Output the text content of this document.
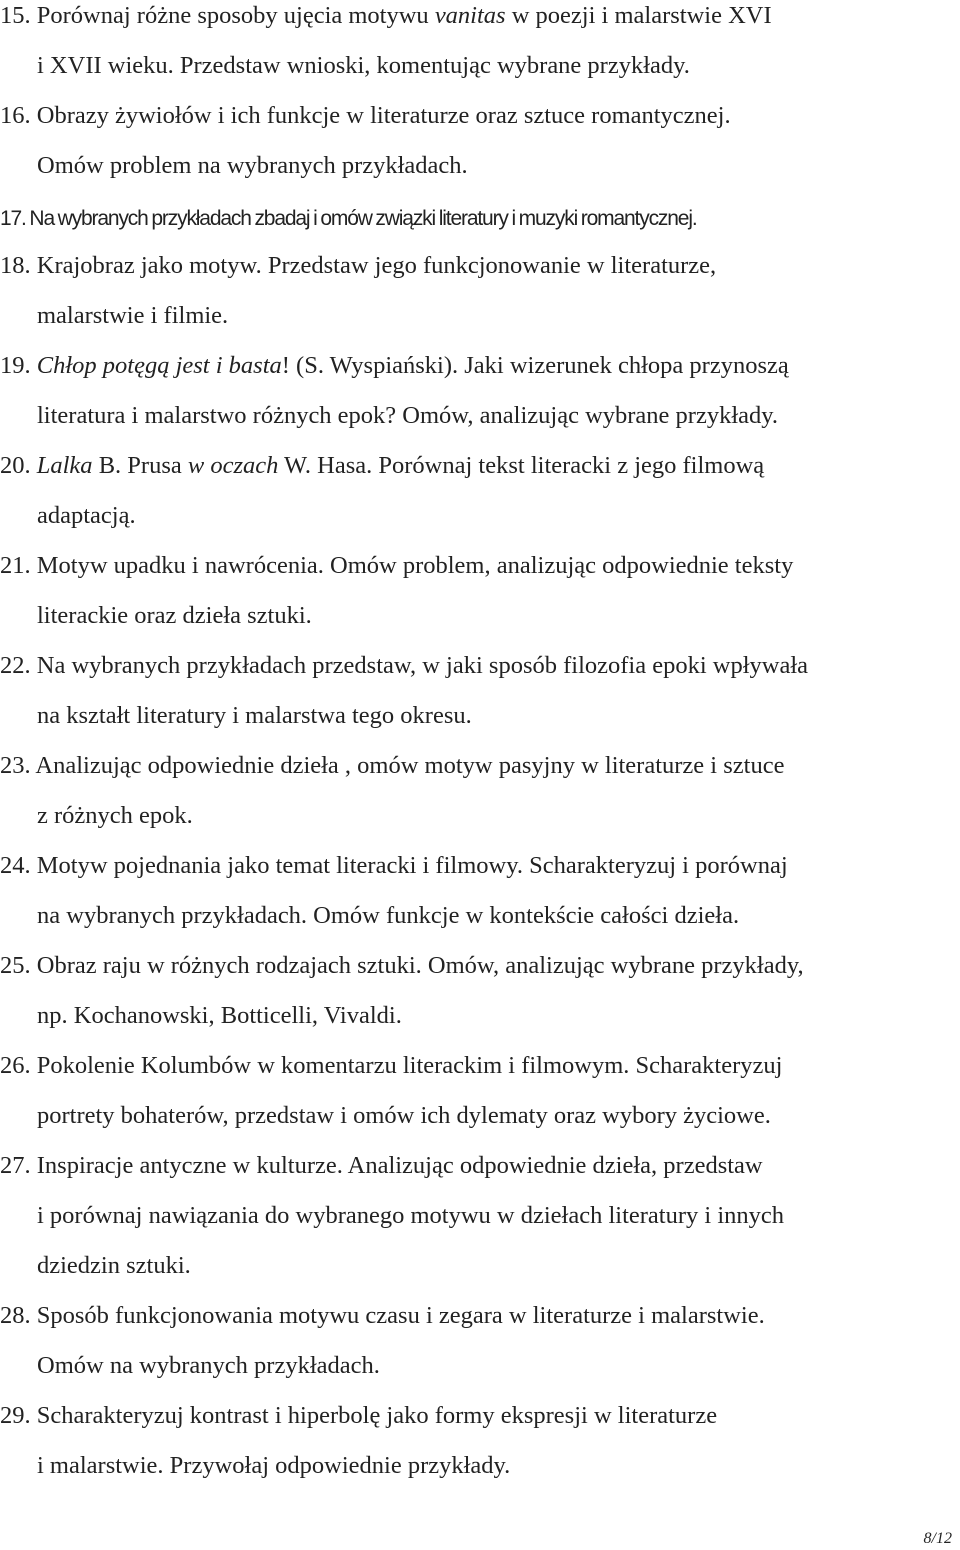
15. Porównaj różne sposoby ujęcia motywu vanitas w poezji i malarstwie XVI
i XVII wieku. Przedstaw wnioski, komentując wybrane przykłady.
16. Obrazy żywiołów i ich funkcje w literaturze oraz sztuce romantycznej.
Omów problem na wybranych przykładach.
17. Na wybranych przykładach zbadaj i omów związki literatury i muzyki romantycznej.
18. Krajobraz jako motyw. Przedstaw jego funkcjonowanie w literaturze,
malarstwie i filmie.
19. Chłop potęgą jest i basta! (S. Wyspiański). Jaki wizerunek chłopa przynoszą
literatura i malarstwo różnych epok? Omów, analizując wybrane przykłady.
20. Lalka B. Prusa w oczach W. Hasa. Porównaj tekst literacki z jego filmową
adaptacją.
21. Motyw upadku i nawrócenia. Omów problem, analizując odpowiednie teksty
literackie oraz dzieła sztuki.
22. Na wybranych przykładach przedstaw, w jaki sposób filozofia epoki wpływała
na kształt literatury i malarstwa tego okresu.
23. Analizując odpowiednie dzieła , omów motyw pasyjny w literaturze i sztuce
z różnych epok.
24. Motyw pojednania jako temat literacki i filmowy. Scharakteryzuj i porównaj
na wybranych przykładach. Omów funkcje w kontekście całości dzieła.
25. Obraz raju w różnych rodzajach sztuki. Omów, analizując wybrane przykłady,
np. Kochanowski, Botticelli, Vivaldi.
26. Pokolenie Kolumbów w komentarzu literackim i filmowym. Scharakteryzuj
portrety bohaterów, przedstaw i omów ich dylematy oraz wybory życiowe.
27. Inspiracje antyczne w kulturze. Analizując odpowiednie dzieła, przedstaw
i porównaj nawiązania do wybranego motywu w dziełach literatury i innych
dziedzin sztuki.
28. Sposób funkcjonowania motywu czasu i zegara w literaturze i malarstwie.
Omów na wybranych przykładach.
29. Scharakteryzuj kontrast i hiperbolę jako formy ekspresji w literaturze
i malarstwie. Przywołaj odpowiednie przykłady.
8/12
